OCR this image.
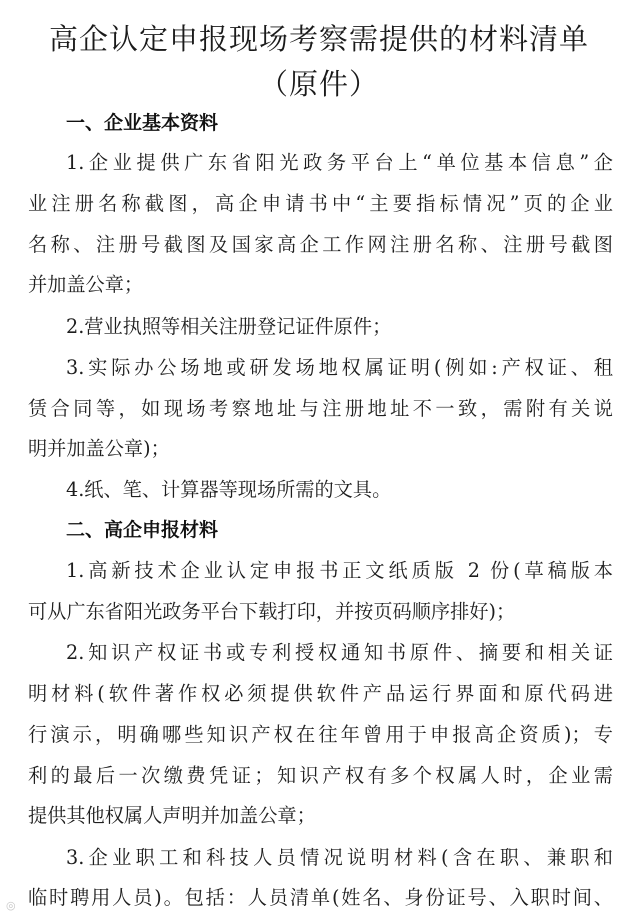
高企认定申报现场考察需提供的材料清单
（原件）
一、企业基本资料
1.企业提供广东省阳光政务平台上“单位基本信息”企
业注册名称截图，高企申请书中“主要指标情况”页的企业
名称、注册号截图及国家高企工作网注册名称、注册号截图
并加盖公章；
2.营业执照等相关注册登记证件原件；
3.实际办公场地或研发场地权属证明(例如:产权证、租
赁合同等，如现场考察地址与注册地址不一致，需附有关说
明并加盖公章)；
4.纸、笔、计算器等现场所需的文具。
二、高企申报材料
1.高新技术企业认定申报书正文纸质版 2 份(草稿版本
可从广东省阳光政务平台下载打印，并按页码顺序排好)；
2.知识产权证书或专利授权通知书原件、摘要和相关证
明材料(软件著作权必须提供软件产品运行界面和原代码进
行演示，明确哪些知识产权在往年曾用于申报高企资质)；专
利的最后一次缴费凭证；知识产权有多个权属人时，企业需
提供其他权属人声明并加盖公章；
3.企业职工和科技人员情况说明材料(含在职、兼职和
临时聘用人员)。包括：人员清单(姓名、身份证号、入职时间、
◎
